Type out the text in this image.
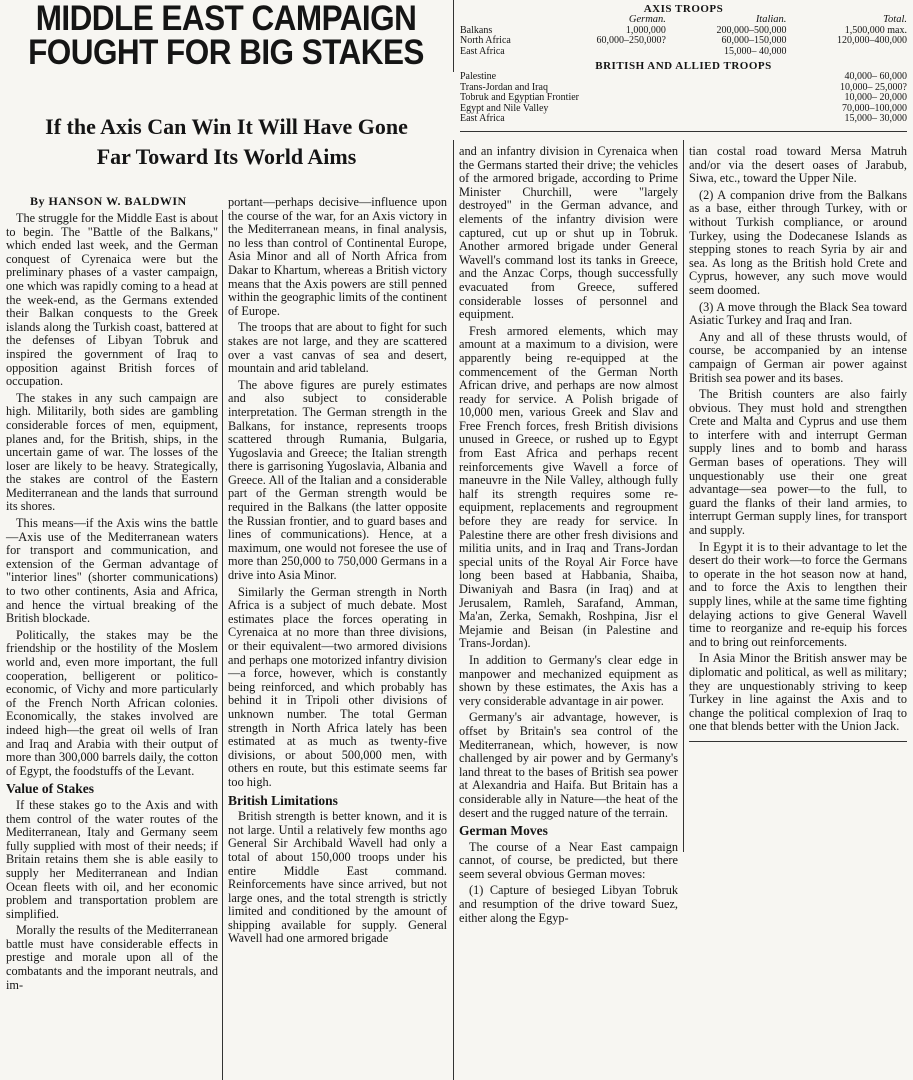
MIDDLE EAST CAMPAIGN
FOUGHT FOR BIG STAKES
If the Axis Can Win It Will Have Gone
Far Toward Its World Aims
By HANSON W. BALDWIN
AXIS TROOPS
	German.	Italian.	Total.
Balkans	1,000,000	200,000–500,000	1,500,000 max.
North Africa	60,000–250,000?	60,000–150,000	120,000–400,000
East Africa		15,000– 40,000	
BRITISH AND ALLIED TROOPS
Palestine	40,000– 60,000
Trans-Jordan and Iraq	10,000– 25,000?
Tobruk and Egyptian Frontier	10,000– 20,000
Egypt and Nile Valley	70,000–100,000
East Africa	15,000– 30,000

The struggle for the Middle East is about to begin. The "Battle of the Balkans," which ended last week, and the German conquest of Cyrenaica were but the preliminary phases of a vaster campaign, one which was rapidly coming to a head at the week-end, as the Germans extended their Balkan conquests to the Greek islands along the Turkish coast, battered at the defenses of Libyan Tobruk and inspired the government of Iraq to opposition against British forces of occupation.

The stakes in any such campaign are high. Militarily, both sides are gambling considerable forces of men, equipment, planes and, for the British, ships, in the uncertain game of war. The losses of the loser are likely to be heavy. Strategically, the stakes are control of the Eastern Mediterranean and the lands that surround its shores.

This means—if the Axis wins the battle—Axis use of the Mediterranean waters for transport and communication, and extension of the German advantage of "interior lines" (shorter communications) to two other continents, Asia and Africa, and hence the virtual breaking of the British blockade.

Politically, the stakes may be the friendship or the hostility of the Moslem world and, even more important, the full cooperation, belligerent or politico-economic, of Vichy and more particularly of the French North African colonies. Economically, the stakes involved are indeed high—the great oil wells of Iran and Iraq and Arabia with their output of more than 300,000 barrels daily, the cotton of Egypt, the foodstuffs of the Levant.

Value of Stakes

If these stakes go to the Axis and with them control of the water routes of the Mediterranean, Italy and Germany seem fully supplied with most of their needs; if Britain retains them she is able easily to supply her Mediterranean and Indian Ocean fleets with oil, and her economic problem and transportation problem are simplified.

Morally the results of the Mediterranean battle must have considerable effects in prestige and morale upon all of the combatants and the imporant neutrals, and im-

portant—perhaps decisive—influence upon the course of the war, for an Axis victory in the Mediterranean means, in final analysis, no less than control of Continental Europe, Asia Minor and all of North Africa from Dakar to Khartum, whereas a British victory means that the Axis powers are still penned within the geographic limits of the continent of Europe.

The troops that are about to fight for such stakes are not large, and they are scattered over a vast canvas of sea and desert, mountain and arid tableland.

The above figures are purely estimates and also subject to considerable interpretation. The German strength in the Balkans, for instance, represents troops scattered through Rumania, Bulgaria, Yugoslavia and Greece; the Italian strength there is garrisoning Yugoslavia, Albania and Greece. All of the Italian and a considerable part of the German strength would be required in the Balkans (the latter opposite the Russian frontier, and to guard bases and lines of communications). Hence, at a maximum, one would not foresee the use of more than 250,000 to 750,000 Germans in a drive into Asia Minor.

Similarly the German strength in North Africa is a subject of much debate. Most estimates place the forces operating in Cyrenaica at no more than three divisions, or their equivalent—two armored divisions and perhaps one motorized infantry division—a force, however, which is constantly being reinforced, and which probably has behind it in Tripoli other divisions of unknown number. The total German strength in North Africa lately has been estimated at as much as twenty-five divisions, or about 500,000 men, with others en route, but this estimate seems far too high.

British Limitations

British strength is better known, and it is not large. Until a relatively few months ago General Sir Archibald Wavell had only a total of about 150,000 troops under his entire Middle East command. Reinforcements have since arrived, but not large ones, and the total strength is strictly limited and conditioned by the amount of shipping available for supply. General Wavell had one armored brigade

and an infantry division in Cyrenaica when the Germans started their drive; the vehicles of the armored brigade, according to Prime Minister Churchill, were "largely destroyed" in the German advance, and elements of the infantry division were captured, cut up or shut up in Tobruk. Another armored brigade under General Wavell's command lost its tanks in Greece, and the Anzac Corps, though successfully evacuated from Greece, suffered considerable losses of personnel and equipment.

Fresh armored elements, which may amount at a maximum to a division, were apparently being re-equipped at the commencement of the German North African drive, and perhaps are now almost ready for service. A Polish brigade of 10,000 men, various Greek and Slav and Free French forces, fresh British divisions unused in Greece, or rushed up to Egypt from East Africa and perhaps recent reinforcements give Wavell a force of maneuvre in the Nile Valley, although fully half its strength requires some re-equipment, replacements and regroupment before they are ready for service. In Palestine there are other fresh divisions and militia units, and in Iraq and Trans-Jordan special units of the Royal Air Force have long been based at Habbania, Shaiba, Diwaniyah and Basra (in Iraq) and at Jerusalem, Ramleh, Sarafand, Amman, Ma'an, Zerka, Semakh, Roshpina, Jisr el Mejamie and Beisan (in Palestine and Trans-Jordan).

In addition to Germany's clear edge in manpower and mechanized equipment as shown by these estimates, the Axis has a very considerable advantage in air power.

Germany's air advantage, however, is offset by Britain's sea control of the Mediterranean, which, however, is now challenged by air power and by Germany's land threat to the bases of British sea power at Alexandria and Haifa. But Britain has a considerable ally in Nature—the heat of the desert and the rugged nature of the terrain.

German Moves

The course of a Near East campaign cannot, of course, be predicted, but there seem several obvious German moves:

(1) Capture of besieged Libyan Tobruk and resumption of the drive toward Suez, either along the Egyp-

tian costal road toward Mersa Matruh and/or via the desert oases of Jarabub, Siwa, etc., toward the Upper Nile.

(2) A companion drive from the Balkans as a base, either through Turkey, with or without Turkish compliance, or around Turkey, using the Dodecanese Islands as stepping stones to reach Syria by air and sea. As long as the British hold Crete and Cyprus, however, any such move would seem doomed.

(3) A move through the Black Sea toward Asiatic Turkey and Iraq and Iran.

Any and all of these thrusts would, of course, be accompanied by an intense campaign of German air power against British sea power and its bases.

The British counters are also fairly obvious. They must hold and strengthen Crete and Malta and Cyprus and use them to interfere with and interrupt German supply lines and to bomb and harass German bases of operations. They will unquestionably use their one great advantage—sea power—to the full, to guard the flanks of their land armies, to interrupt German supply lines, for transport and supply.

In Egypt it is to their advantage to let the desert do their work—to force the Germans to operate in the hot season now at hand, and to force the Axis to lengthen their supply lines, while at the same time fighting delaying actions to give General Wavell time to reorganize and re-equip his forces and to bring out reinforcements.

In Asia Minor the British answer may be diplomatic and political, as well as military; they are unquestionably striving to keep Turkey in line against the Axis and to change the political complexion of Iraq to one that blends better with the Union Jack.
